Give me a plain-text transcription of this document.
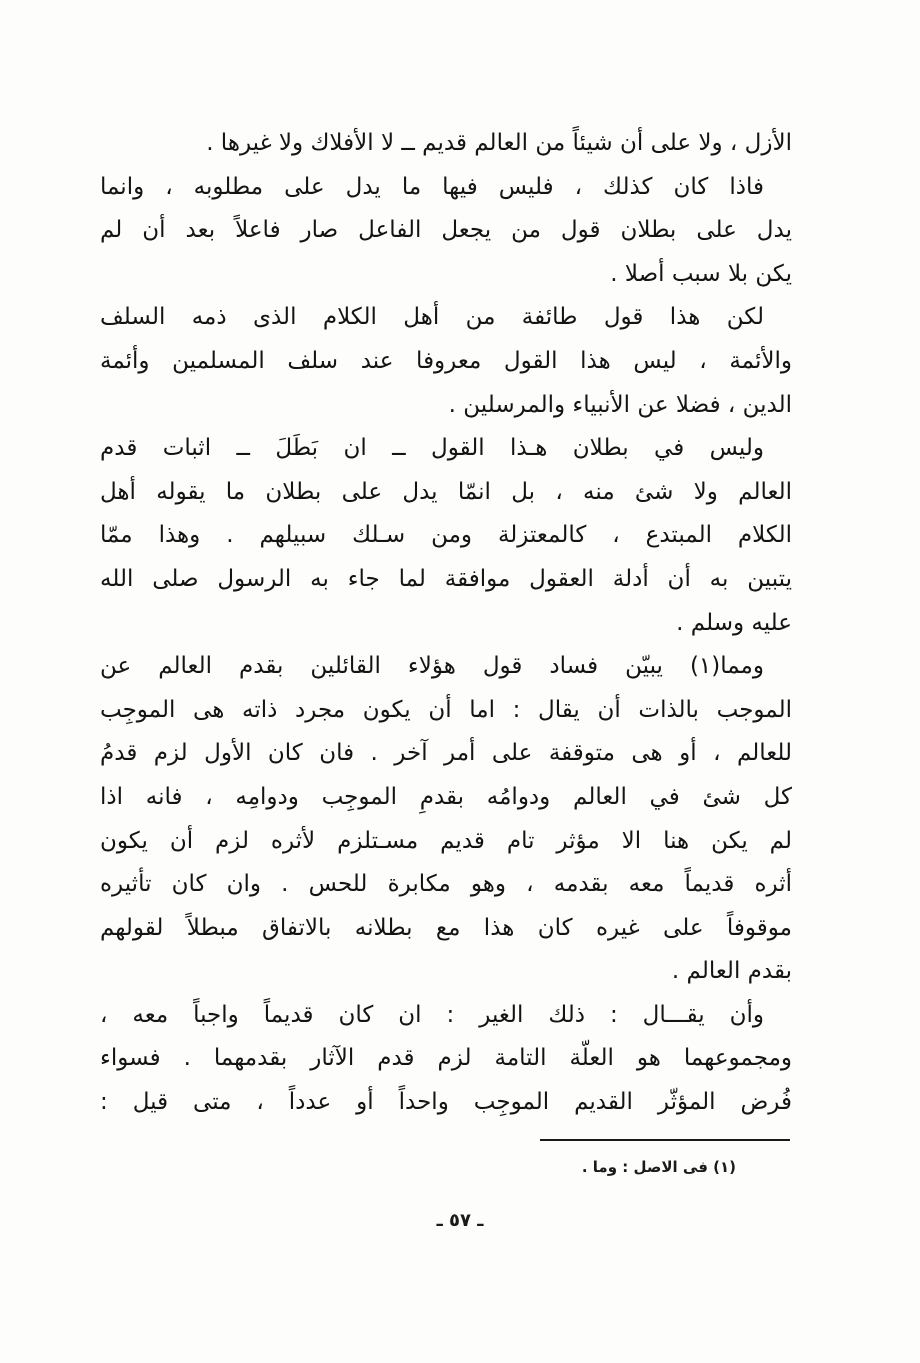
الأزل ، ولا على أن شيئاً من العالم قديم ــ لا الأفلاك ولا غيرها .
فاذا كان كذلك ، فليس فيها ما يدل على مطلوبه ، وانما
يدل على بطلان قول من يجعل الفاعل صار فاعلاً بعد أن لم
يكن بلا سبب أصلا .
لكن هذا قول طائفة من أهل الكلام الذى ذمه السلف
والأئمة ، ليس هذا القول معروفا عند سلف المسلمين وأئمة
الدين ، فضلا عن الأنبياء والمرسلين .
وليس في بطلان هـذا القول ــ ان بَطَلَ ــ اثبات قدم
العالم ولا شئ منه ، بل انمّا يدل على بطلان ما يقوله أهل
الكلام المبتدع ، كالمعتزلة ومن سـلك سبيلهم . وهذا ممّا
يتبين به أن أدلة العقول موافقة لما جاء به الرسول صلى الله
عليه وسلم .
ومما(١) يبيّن فساد قول هؤلاء القائلين بقدم العالم عن
الموجب بالذات أن يقال : اما أن يكون مجرد ذاته هى الموجِب
للعالم ، أو هى متوقفة على أمر آخر . فان كان الأول لزم قدمُ
كل شئ في العالم ودوامُه بقدمِ الموجِب ودوامِه ، فانه اذا
لم يكن هنا الا مؤثر تام قديم مسـتلزم لأثره لزم أن يكون
أثره قديماً معه بقدمه ، وهو مكابرة للحس . وان كان تأثيره
موقوفاً على غيره كان هذا مع بطلانه بالاتفاق مبطلاً لقولهم
بقدم العالم .
وأن يقـــال : ذلك الغير : ان كان قديماً واجباً معه ،
ومجموعهما هو العلّة التامة لزم قدم الآثار بقدمهما . فسواء
فُرض المؤثّر القديم الموجِب واحداً أو عدداً ، متى قيل :
(١) فى الاصل : وما .
ـ ٥٧ ـ
